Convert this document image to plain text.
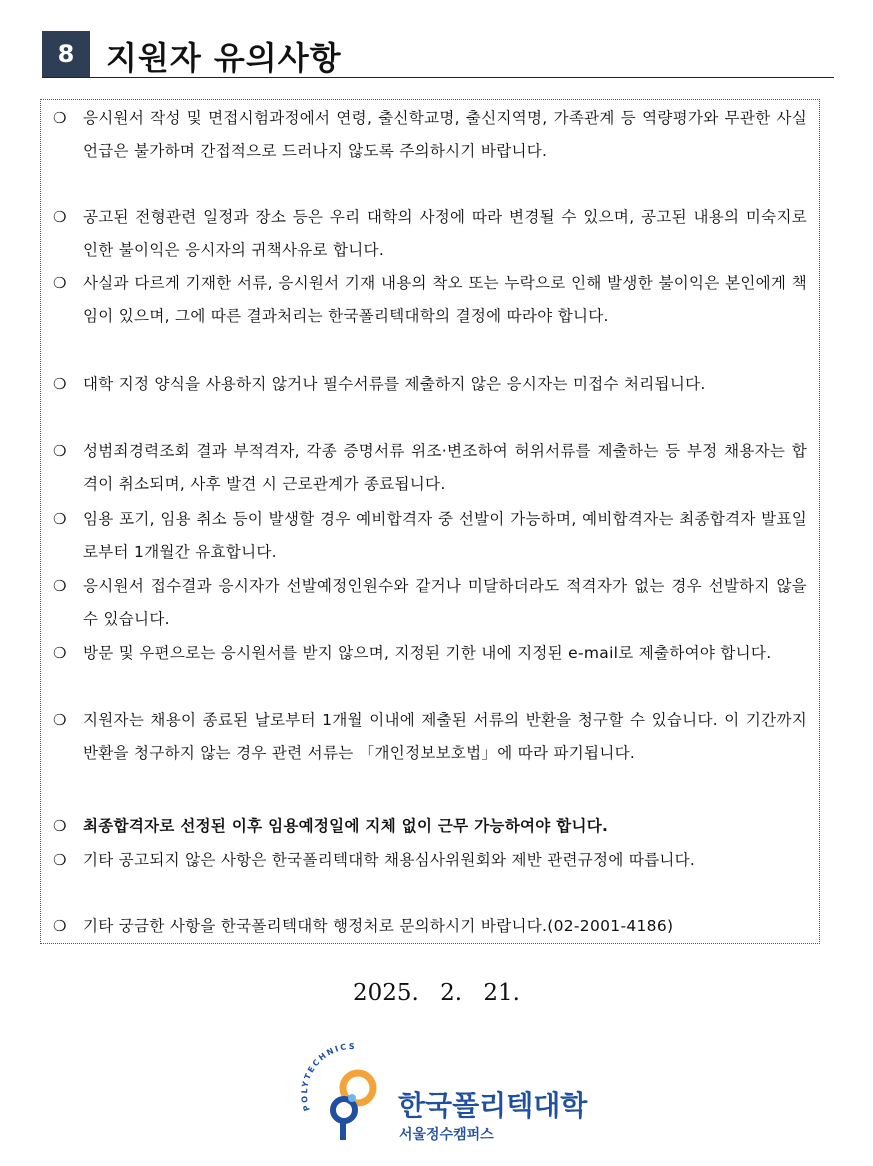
8 지원자 유의사항
❍	응시원서 작성 및 면접시험과정에서 연령, 출신학교명, 출신지역명, 가족관계 등 역량평가와 무관한 사실 언급은 불가하며 간접적으로 드러나지 않도록 주의하시기 바랍니다.
❍	공고된 전형관련 일정과 장소 등은 우리 대학의 사정에 따라 변경될 수 있으며, 공고된 내용의 미숙지로 인한 불이익은 응시자의 귀책사유로 합니다.
❍	사실과 다르게 기재한 서류, 응시원서 기재 내용의 착오 또는 누락으로 인해 발생한 불이익은 본인에게 책임이 있으며, 그에 따른 결과처리는 한국폴리텍대학의 결정에 따라야 합니다.
❍	대학 지정 양식을 사용하지 않거나 필수서류를 제출하지 않은 응시자는 미접수 처리됩니다.
❍	성범죄경력조회 결과 부적격자, 각종 증명서류 위조·변조하여 허위서류를 제출하는 등 부정 채용자는 합격이 취소되며, 사후 발견 시 근로관계가 종료됩니다.
❍	임용 포기, 임용 취소 등이 발생할 경우 예비합격자 중 선발이 가능하며, 예비합격자는 최종합격자 발표일로부터 1개월간 유효합니다.
❍	응시원서 접수결과 응시자가 선발예정인원수와 같거나 미달하더라도 적격자가 없는 경우 선발하지 않을 수 있습니다.
❍	방문 및 우편으로는 응시원서를 받지 않으며, 지정된 기한 내에 지정된 e-mail로 제출하여야 합니다.
❍	지원자는 채용이 종료된 날로부터 1개월 이내에 제출된 서류의 반환을 청구할 수 있습니다. 이 기간까지 반환을 청구하지 않는 경우 관련 서류는 「개인정보보호법」에 따라 파기됩니다.
❍	최종합격자로 선정된 이후 임용예정일에 지체 없이 근무 가능하여야 합니다.
❍	기타 공고되지 않은 사항은 한국폴리텍대학 채용심사위원회와 제반 관련규정에 따릅니다.
❍	기타 궁금한 사항을 한국폴리텍대학 행정처로 문의하시기 바랍니다.(02-2001-4186)
2025. 2. 21.
POLYTECHNICS
한국폴리텍대학
서울정수캠퍼스
